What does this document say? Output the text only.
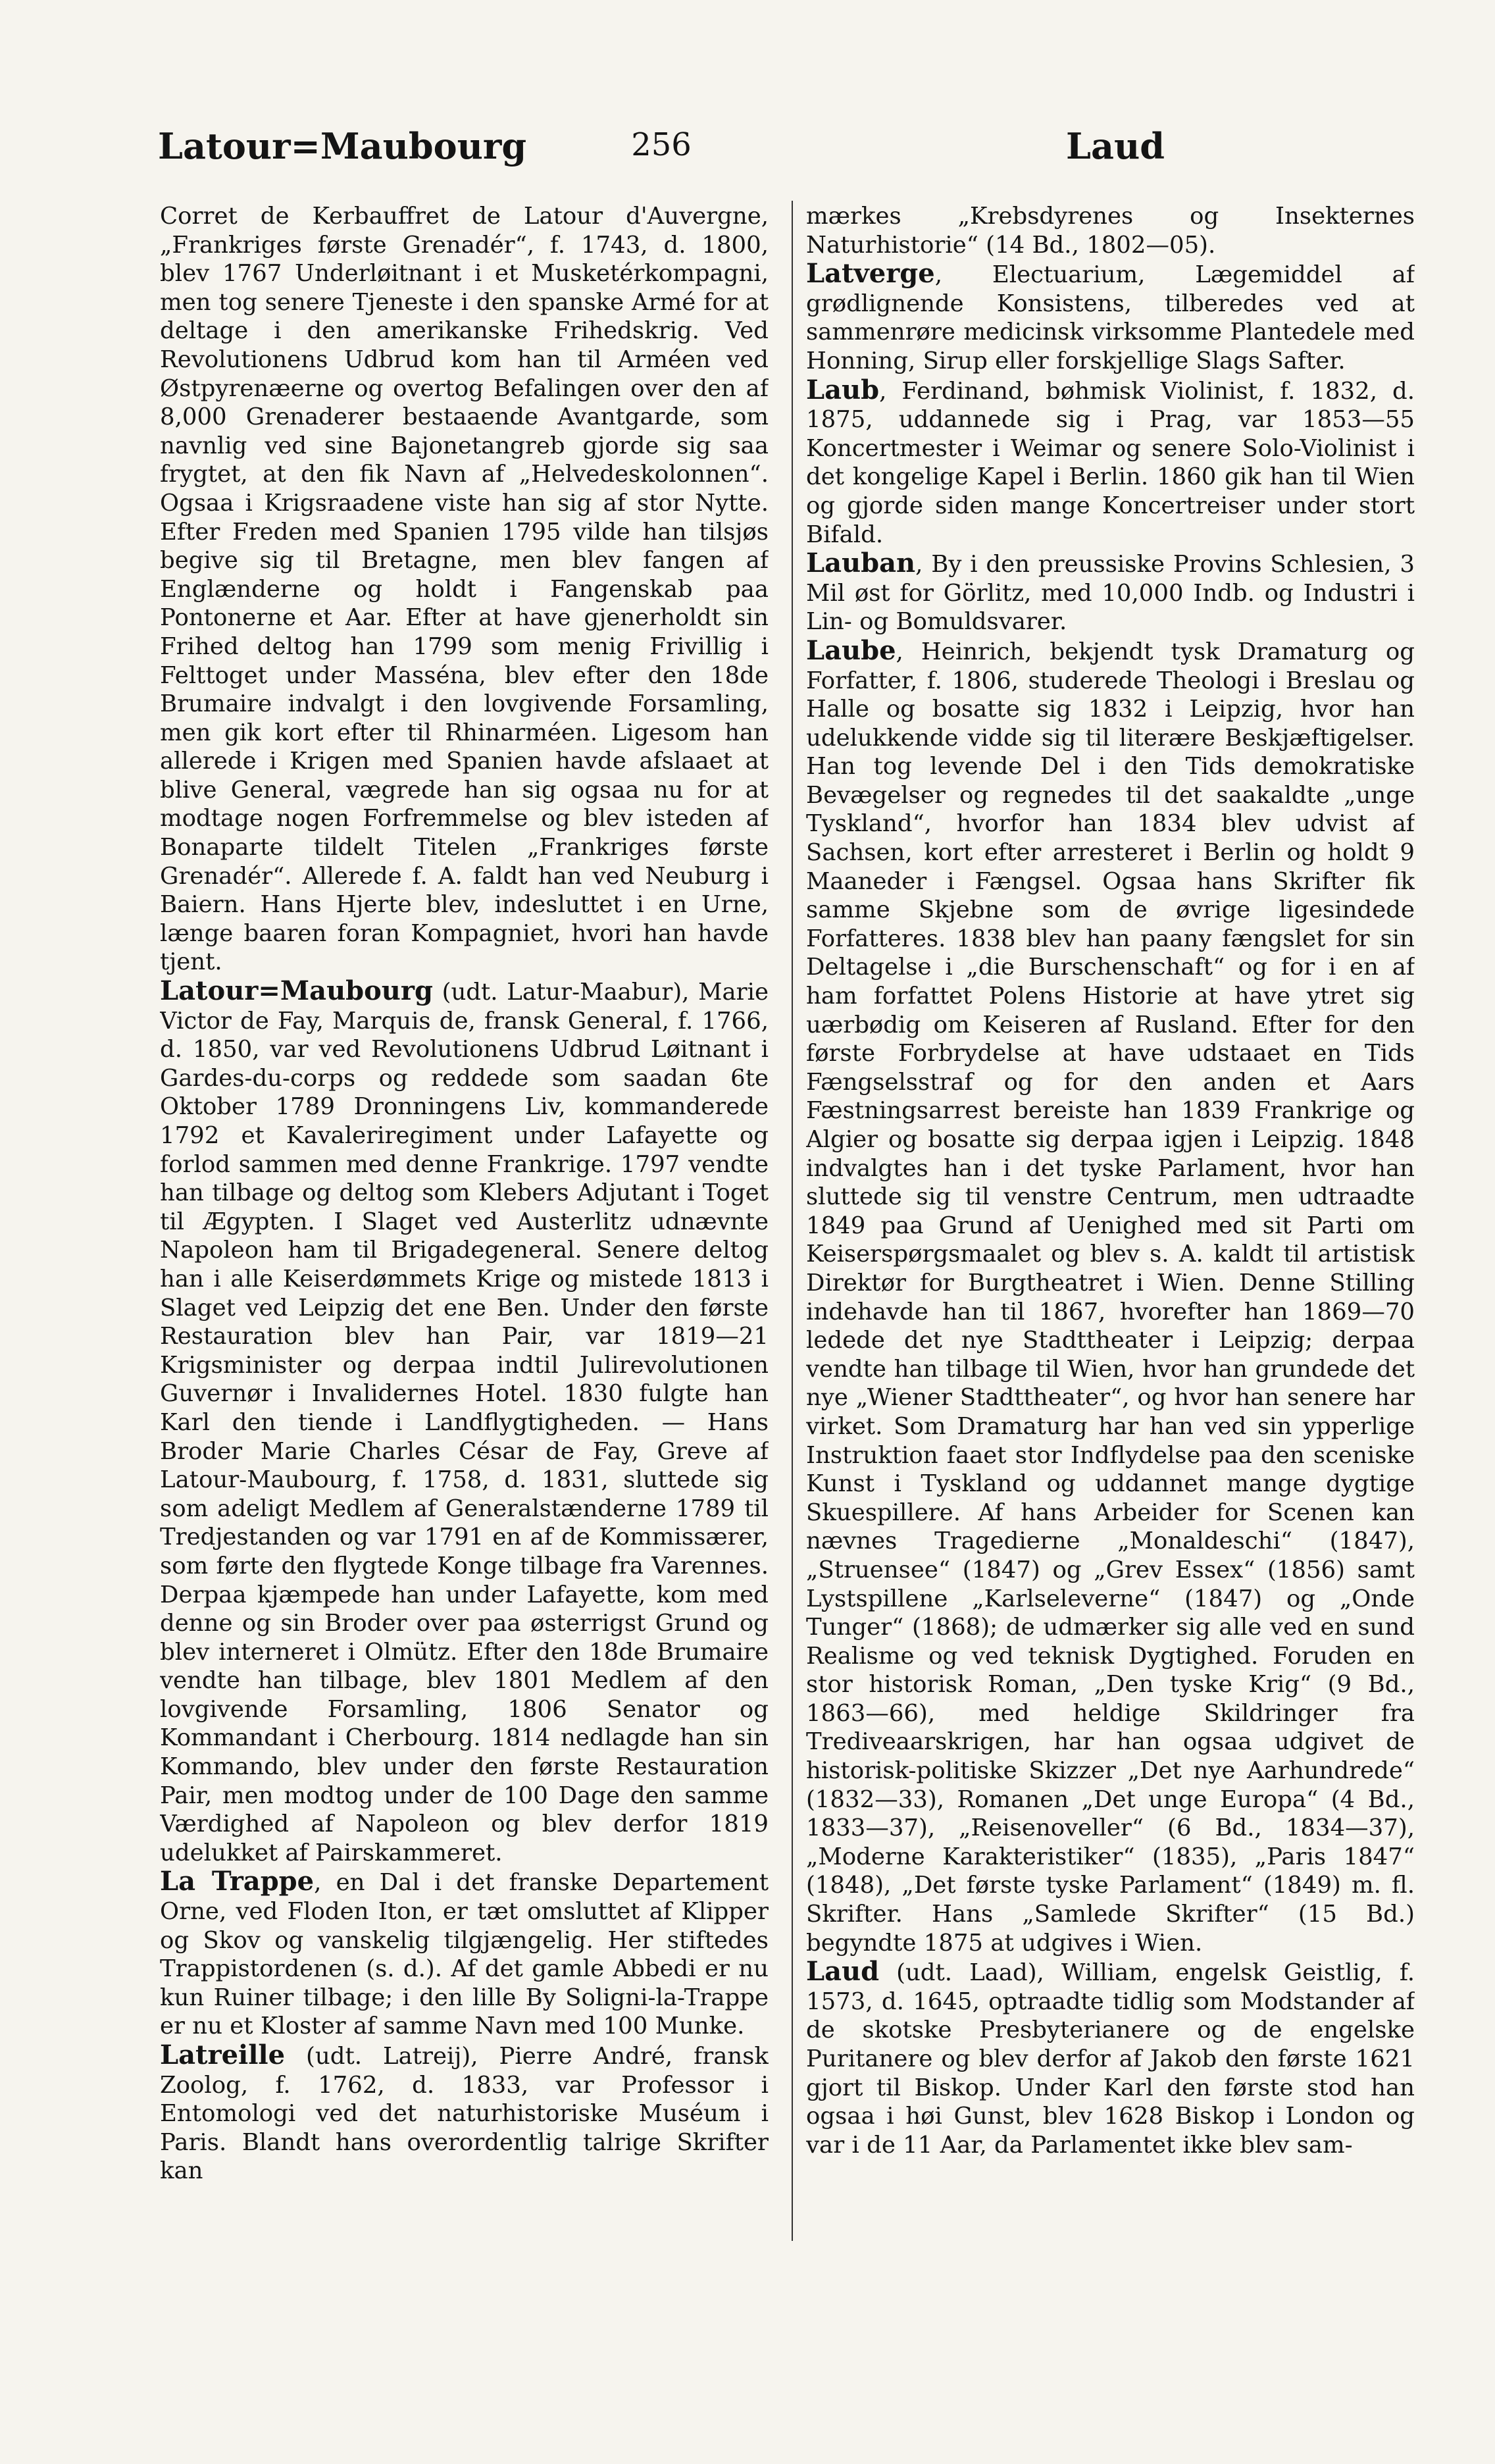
Latour=Maubourg	256	Laud

Corret de Kerbauffret de Latour d'Auvergne, „Frankriges første Grenadér“, f. 1743, d. 1800, blev 1767 Underløitnant i et Musketérkompagni, men tog senere Tjeneste i den spanske Armé for at deltage i den amerikanske Frihedskrig. Ved Revolutionens Udbrud kom han til Arméen ved Østpyrenæerne og overtog Befalingen over den af 8,000 Grenaderer bestaaende Avantgarde, som navnlig ved sine Bajonetangreb gjorde sig saa frygtet, at den fik Navn af „Helvedeskolonnen“. Ogsaa i Krigsraadene viste han sig af stor Nytte. Efter Freden med Spanien 1795 vilde han tilsjøs begive sig til Bretagne, men blev fangen af Englænderne og holdt i Fangenskab paa Pontonerne et Aar. Efter at have gjenerholdt sin Frihed deltog han 1799 som menig Frivillig i Felttoget under Masséna, blev efter den 18de Brumaire indvalgt i den lovgivende Forsamling, men gik kort efter til Rhinarméen. Ligesom han allerede i Krigen med Spanien havde afslaaet at blive General, vægrede han sig ogsaa nu for at modtage nogen Forfremmelse og blev isteden af Bonaparte tildelt Titelen „Frankriges første Grenadér“. Allerede f. A. faldt han ved Neuburg i Baiern. Hans Hjerte blev, indesluttet i en Urne, længe baaren foran Kompagniet, hvori han havde tjent.

Latour=Maubourg (udt. Latur-Maabur), Marie Victor de Fay, Marquis de, fransk General, f. 1766, d. 1850, var ved Revolutionens Udbrud Løitnant i Gardes-du-corps og reddede som saadan 6te Oktober 1789 Dronningens Liv, kommanderede 1792 et Kavaleriregiment under Lafayette og forlod sammen med denne Frankrige. 1797 vendte han tilbage og deltog som Klebers Adjutant i Toget til Ægypten. I Slaget ved Austerlitz udnævnte Napoleon ham til Brigadegeneral. Senere deltog han i alle Keiserdømmets Krige og mistede 1813 i Slaget ved Leipzig det ene Ben. Under den første Restauration blev han Pair, var 1819—21 Krigsminister og derpaa indtil Julirevolutionen Guvernør i Invalidernes Hotel. 1830 fulgte han Karl den tiende i Landflygtigheden. — Hans Broder Marie Charles César de Fay, Greve af Latour-Maubourg, f. 1758, d. 1831, sluttede sig som adeligt Medlem af Generalstænderne 1789 til Tredjestanden og var 1791 en af de Kommissærer, som førte den flygtede Konge tilbage fra Varennes. Derpaa kjæmpede han under Lafayette, kom med denne og sin Broder over paa østerrigst Grund og blev interneret i Olmütz. Efter den 18de Brumaire vendte han tilbage, blev 1801 Medlem af den lovgivende Forsamling, 1806 Senator og Kommandant i Cherbourg. 1814 nedlagde han sin Kommando, blev under den første Restauration Pair, men modtog under de 100 Dage den samme Værdighed af Napoleon og blev derfor 1819 udelukket af Pairskammeret.

La Trappe, en Dal i det franske Departement Orne, ved Floden Iton, er tæt omsluttet af Klipper og Skov og vanskelig tilgjængelig. Her stiftedes Trappistordenen (s. d.). Af det gamle Abbedi er nu kun Ruiner tilbage; i den lille By Soligni-la-Trappe er nu et Kloster af samme Navn med 100 Munke.

Latreille (udt. Latreij), Pierre André, fransk Zoolog, f. 1762, d. 1833, var Professor i Entomologi ved det naturhistoriske Muséum i Paris. Blandt hans overordentlig talrige Skrifter kan

mærkes „Krebsdyrenes og Insekternes Naturhistorie“ (14 Bd., 1802—05).

Latverge, Electuarium, Lægemiddel af grødlignende Konsistens, tilberedes ved at sammenrøre medicinsk virksomme Plantedele med Honning, Sirup eller forskjellige Slags Safter.

Laub, Ferdinand, bøhmisk Violinist, f. 1832, d. 1875, uddannede sig i Prag, var 1853—55 Koncertmester i Weimar og senere Solo-Violinist i det kongelige Kapel i Berlin. 1860 gik han til Wien og gjorde siden mange Koncertreiser under stort Bifald.

Lauban, By i den preussiske Provins Schlesien, 3 Mil øst for Görlitz, med 10,000 Indb. og Industri i Lin- og Bomuldsvarer.

Laube, Heinrich, bekjendt tysk Dramaturg og Forfatter, f. 1806, studerede Theologi i Breslau og Halle og bosatte sig 1832 i Leipzig, hvor han udelukkende vidde sig til literære Beskjæftigelser. Han tog levende Del i den Tids demokratiske Bevægelser og regnedes til det saakaldte „unge Tyskland“, hvorfor han 1834 blev udvist af Sachsen, kort efter arresteret i Berlin og holdt 9 Maaneder i Fængsel. Ogsaa hans Skrifter fik samme Skjebne som de øvrige ligesindede Forfatteres. 1838 blev han paany fængslet for sin Deltagelse i „die Burschenschaft“ og for i en af ham forfattet Polens Historie at have ytret sig uærbødig om Keiseren af Rusland. Efter for den første Forbrydelse at have udstaaet en Tids Fængselsstraf og for den anden et Aars Fæstningsarrest bereiste han 1839 Frankrige og Algier og bosatte sig derpaa igjen i Leipzig. 1848 indvalgtes han i det tyske Parlament, hvor han sluttede sig til venstre Centrum, men udtraadte 1849 paa Grund af Uenighed med sit Parti om Keiserspørgsmaalet og blev s. A. kaldt til artistisk Direktør for Burgtheatret i Wien. Denne Stilling indehavde han til 1867, hvorefter han 1869—70 ledede det nye Stadttheater i Leipzig; derpaa vendte han tilbage til Wien, hvor han grundede det nye „Wiener Stadttheater“, og hvor han senere har virket. Som Dramaturg har han ved sin ypperlige Instruktion faaet stor Indflydelse paa den sceniske Kunst i Tyskland og uddannet mange dygtige Skuespillere. Af hans Arbeider for Scenen kan nævnes Tragedierne „Monaldeschi“ (1847), „Struensee“ (1847) og „Grev Essex“ (1856) samt Lystspillene „Karlseleverne“ (1847) og „Onde Tunger“ (1868); de udmærker sig alle ved en sund Realisme og ved teknisk Dygtighed. Foruden en stor historisk Roman, „Den tyske Krig“ (9 Bd., 1863—66), med heldige Skildringer fra Trediveaarskrigen, har han ogsaa udgivet de historisk-politiske Skizzer „Det nye Aarhundrede“ (1832—33), Romanen „Det unge Europa“ (4 Bd., 1833—37), „Reisenoveller“ (6 Bd., 1834—37), „Moderne Karakteristiker“ (1835), „Paris 1847“ (1848), „Det første tyske Parlament“ (1849) m. fl. Skrifter. Hans „Samlede Skrifter“ (15 Bd.) begyndte 1875 at udgives i Wien.

Laud (udt. Laad), William, engelsk Geistlig, f. 1573, d. 1645, optraadte tidlig som Modstander af de skotske Presbyterianere og de engelske Puritanere og blev derfor af Jakob den første 1621 gjort til Biskop. Under Karl den første stod han ogsaa i høi Gunst, blev 1628 Biskop i London og var i de 11 Aar, da Parlamentet ikke blev sam-
